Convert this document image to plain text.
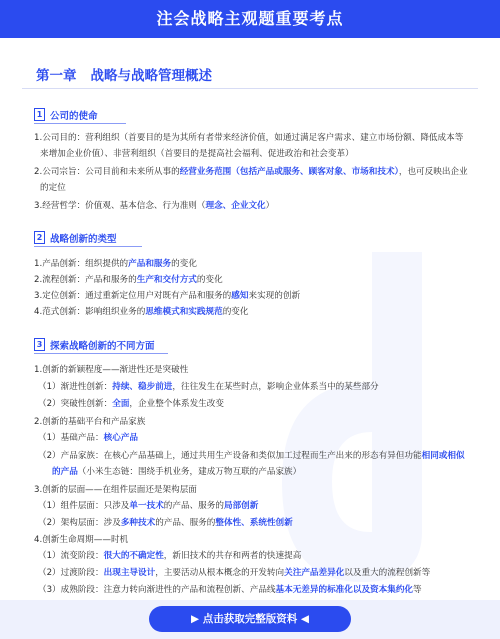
注会战略主观题重要考点
第一章 战略与战略管理概述
1 公司的使命
1.公司目的：营利组织（首要目的是为其所有者带来经济价值，如通过满足客户需求、建立市场份额、降低成本等
来增加企业价值）、非营利组织（首要目的是提高社会福利、促进政治和社会变革）
2.公司宗旨：公司目前和未来所从事的经营业务范围（包括产品或服务、顾客对象、市场和技术），也可反映出企业
的定位
3.经营哲学：价值观、基本信念、行为准则（理念、企业文化）
2 战略创新的类型
1.产品创新：组织提供的产品和服务的变化
2.流程创新：产品和服务的生产和交付方式的变化
3.定位创新：通过重新定位用户对既有产品和服务的感知来实现的创新
4.范式创新：影响组织业务的思维模式和实践规范的变化
3 探索战略创新的不同方面
1.创新的新颖程度——渐进性还是突破性
（1）渐进性创新：持续、稳步前进，往往发生在某些时点，影响企业体系当中的某些部分
（2）突破性创新：全面，企业整个体系发生改变
2.创新的基础平台和产品家族
（1）基础产品：核心产品
（2）产品家族：在核心产品基础上，通过共用生产设备和类似加工过程而生产出来的形态有异但功能相同或相似
的产品（小米生态链：围绕手机业务，建成万物互联的产品家族）
3.创新的层面——在组件层面还是架构层面
（1）组件层面：只涉及单一技术的产品、服务的局部创新
（2）架构层面：涉及多种技术的产品、服务的整体性、系统性创新
4.创新生命周期——时机
（1）流变阶段：很大的不确定性，新旧技术的共存和两者的快速提高
（2）过渡阶段：出现主导设计，主要活动从根本概念的开发转向关注产品差异化以及重大的流程创新等
（3）成熟阶段：注意力转向渐进性的产品和流程创新、产品线基本无差异的标准化以及资本集约化等
▶ 点击获取完整版资料 ◀
